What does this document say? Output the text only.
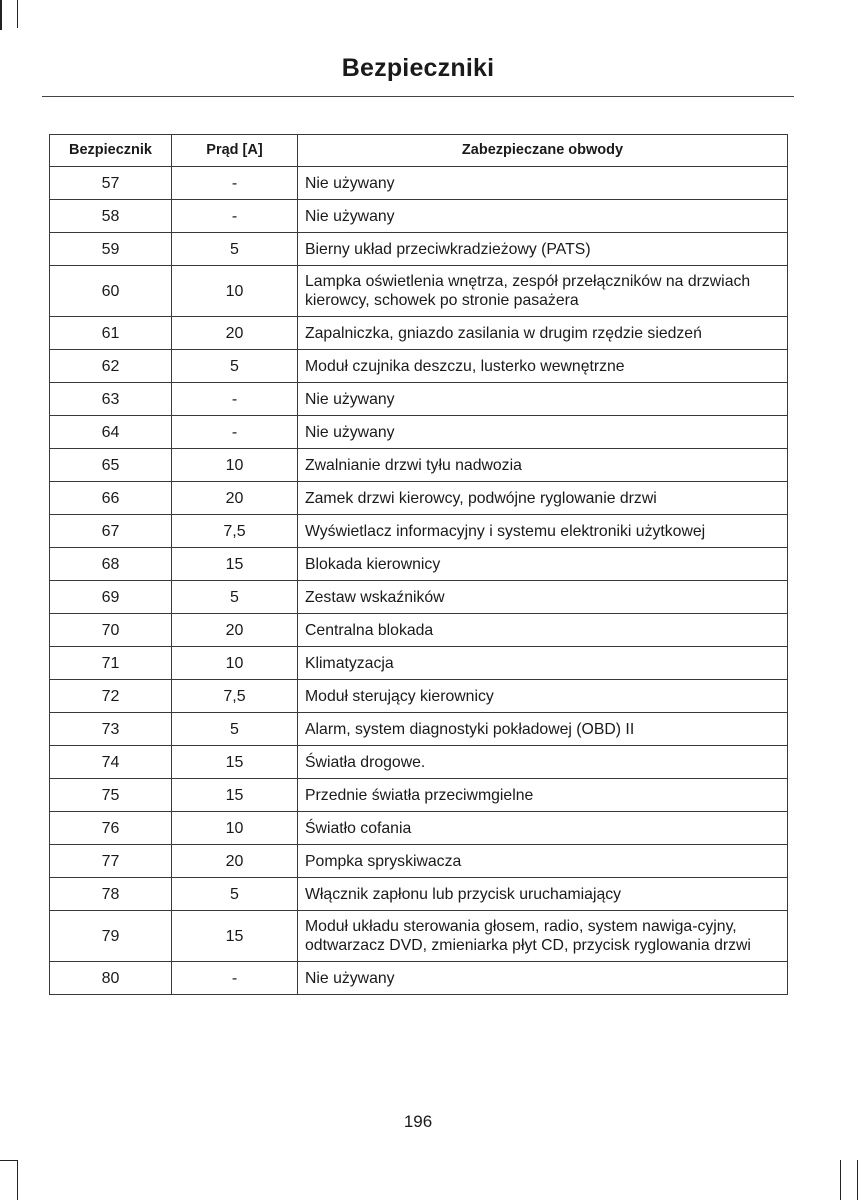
Bezpieczniki
Bezpiecznik	Prąd [A]	Zabezpieczane obwody
57	-	Nie używany
58	-	Nie używany
59	5	Bierny układ przeciwkradzieżowy (PATS)
60	10	Lampka oświetlenia wnętrza, zespół przełączników na drzwiach kierowcy, schowek po stronie pasażera
61	20	Zapalniczka, gniazdo zasilania w drugim rzędzie siedzeń
62	5	Moduł czujnika deszczu, lusterko wewnętrzne
63	-	Nie używany
64	-	Nie używany
65	10	Zwalnianie drzwi tyłu nadwozia
66	20	Zamek drzwi kierowcy, podwójne ryglowanie drzwi
67	7,5	Wyświetlacz informacyjny i systemu elektroniki użytkowej
68	15	Blokada kierownicy
69	5	Zestaw wskaźników
70	20	Centralna blokada
71	10	Klimatyzacja
72	7,5	Moduł sterujący kierownicy
73	5	Alarm, system diagnostyki pokładowej (OBD) II
74	15	Światła drogowe.
75	15	Przednie światła przeciwmgielne
76	10	Światło cofania
77	20	Pompka spryskiwacza
78	5	Włącznik zapłonu lub przycisk uruchamiający
79	15	Moduł układu sterowania głosem, radio, system nawiga-cyjny, odtwarzacz DVD, zmieniarka płyt CD, przycisk ryglowania drzwi
80	-	Nie używany
196
